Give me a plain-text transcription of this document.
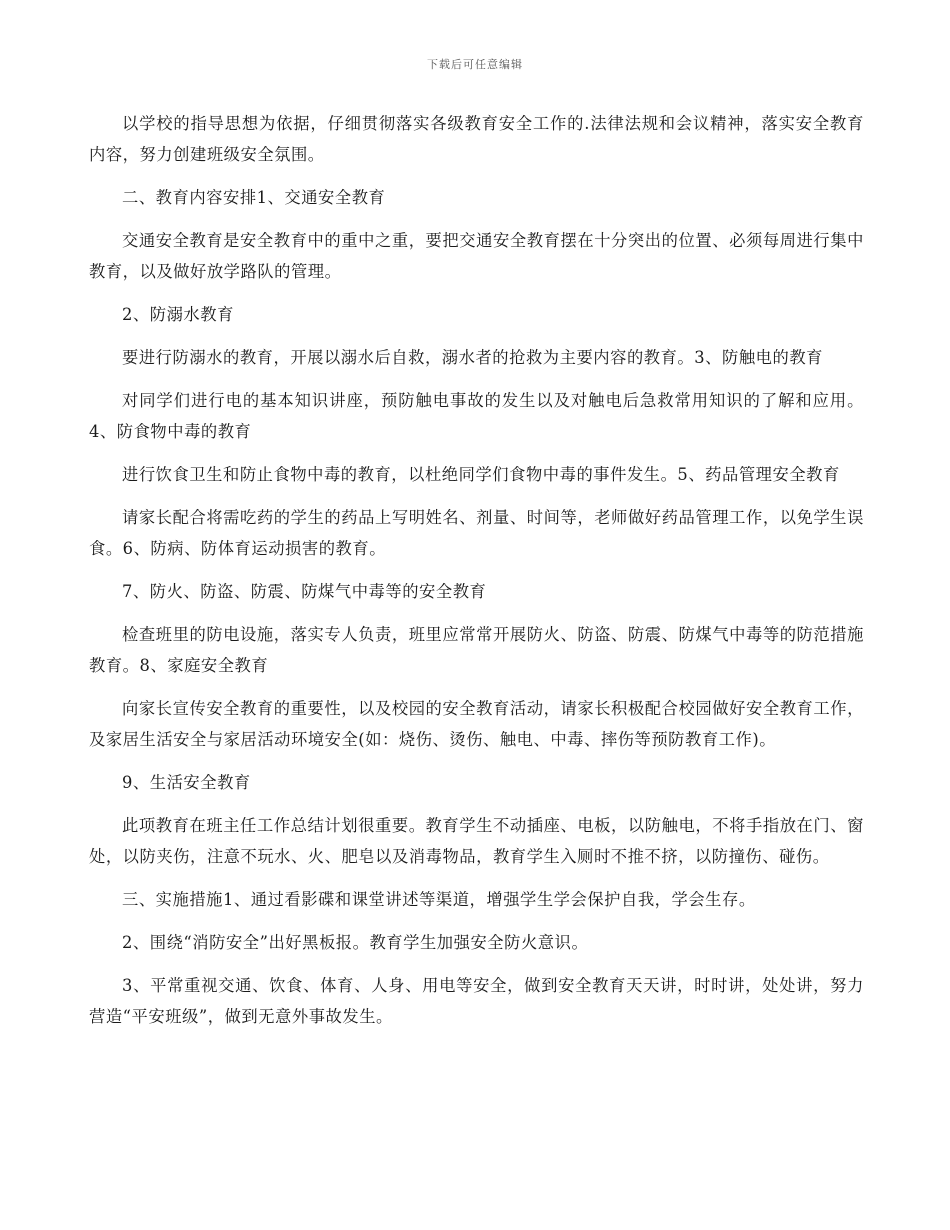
下载后可任意编辑

以学校的指导思想为依据，仔细贯彻落实各级教育安全工作的.法律法规和会议精神，落实安全教育内容，努力创建班级安全氛围。

二、教育内容安排1、交通安全教育

交通安全教育是安全教育中的重中之重，要把交通安全教育摆在十分突出的位置、必须每周进行集中教育，以及做好放学路队的管理。

2、防溺水教育

要进行防溺水的教育，开展以溺水后自救，溺水者的抢救为主要内容的教育。3、防触电的教育

对同学们进行电的基本知识讲座，预防触电事故的发生以及对触电后急救常用知识的了解和应用。4、防食物中毒的教育

进行饮食卫生和防止食物中毒的教育，以杜绝同学们食物中毒的事件发生。5、药品管理安全教育

请家长配合将需吃药的学生的药品上写明姓名、剂量、时间等，老师做好药品管理工作，以免学生误食。6、防病、防体育运动损害的教育。

7、防火、防盗、防震、防煤气中毒等的安全教育

检查班里的防电设施，落实专人负责，班里应常常开展防火、防盗、防震、防煤气中毒等的防范措施教育。8、家庭安全教育

向家长宣传安全教育的重要性，以及校园的安全教育活动，请家长积极配合校园做好安全教育工作，及家居生活安全与家居活动环境安全(如：烧伤、烫伤、触电、中毒、摔伤等预防教育工作)。

9、生活安全教育

此项教育在班主任工作总结计划很重要。教育学生不动插座、电板，以防触电，不将手指放在门、窗处，以防夹伤，注意不玩水、火、肥皂以及消毒物品，教育学生入厕时不推不挤，以防撞伤、碰伤。

三、实施措施1、通过看影碟和课堂讲述等渠道，增强学生学会保护自我，学会生存。

2、围绕“消防安全”出好黑板报。教育学生加强安全防火意识。

3、平常重视交通、饮食、体育、人身、用电等安全，做到安全教育天天讲，时时讲，处处讲，努力营造“平安班级”，做到无意外事故发生。
